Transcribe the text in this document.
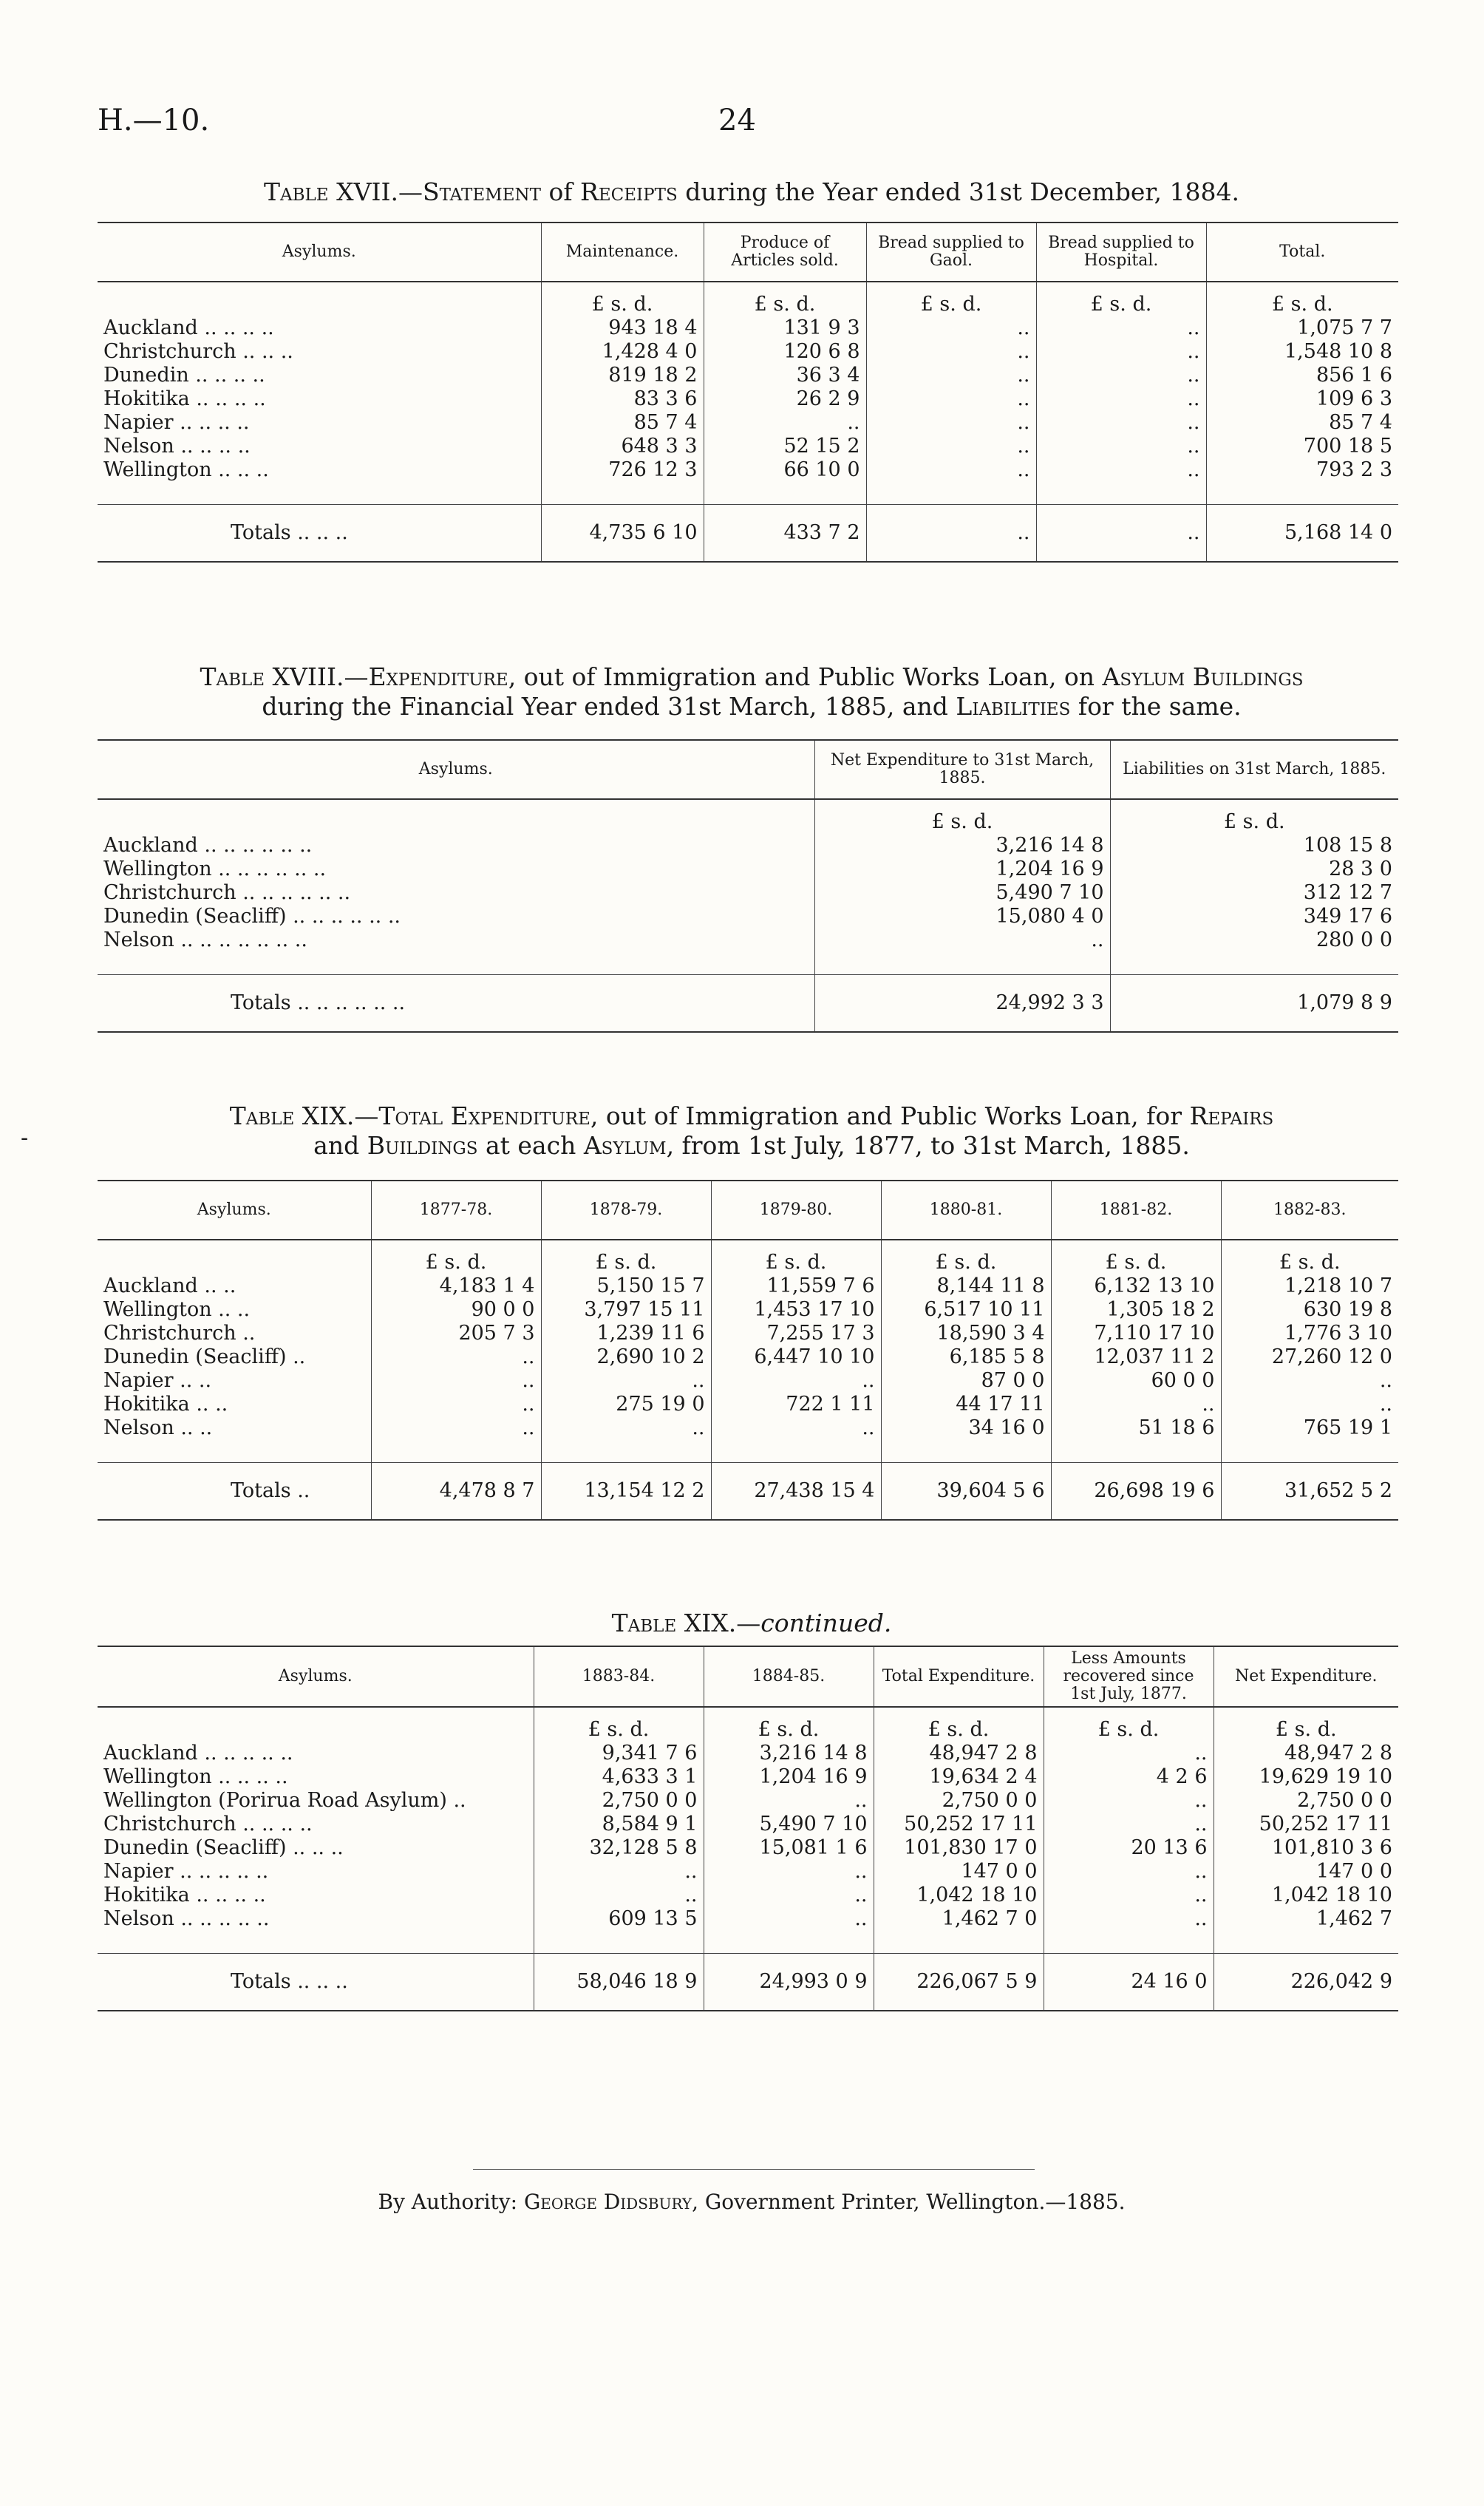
H.—10.	24
Table XVII.—Statement of Receipts during the Year ended 31st December, 1884.
Asylums.	Maintenance.	Produce of Articles sold.	Bread supplied to Gaol.	Bread supplied to Hospital.	Total.
	£ s. d.	£ s. d.	£ s. d.	£ s. d.	£ s. d.
Auckland .. .. .. ..	943 18 4	131 9 3	..	..	1,075 7 7
Christchurch .. .. ..	1,428 4 0	120 6 8	..	..	1,548 10 8
Dunedin .. .. .. ..	819 18 2	36 3 4	..	..	856 1 6
Hokitika .. .. .. ..	83 3 6	26 2 9	..	..	109 6 3
Napier .. .. .. ..	85 7 4	..	..	..	85 7 4
Nelson .. .. .. ..	648 3 3	52 15 2	..	..	700 18 5
Wellington .. .. ..	726 12 3	66 10 0	..	..	793 2 3

Totals .. .. ..	4,735 6 10	433 7 2	..	..	5,168 14 0
Table XVIII.—Expenditure, out of Immigration and Public Works Loan, on Asylum Buildings
during the Financial Year ended 31st March, 1885, and Liabilities for the same.
Asylums.	Net Expenditure to 31st March, 1885.	Liabilities on 31st March, 1885.
	£ s. d.	£ s. d.
Auckland .. .. .. .. .. ..	3,216 14 8	108 15 8
Wellington .. .. .. .. .. ..	1,204 16 9	28 3 0
Christchurch .. .. .. .. .. ..	5,490 7 10	312 12 7
Dunedin (Seacliff) .. .. .. .. .. ..	15,080 4 0	349 17 6
Nelson .. .. .. .. .. .. ..	..	280 0 0

Totals .. .. .. .. .. ..	24,992 3 3	1,079 8 9
-
Table XIX.—Total Expenditure, out of Immigration and Public Works Loan, for Repairs
and Buildings at each Asylum, from 1st July, 1877, to 31st March, 1885.
Asylums.	1877-78.	1878-79.	1879-80.	1880-81.	1881-82.	1882-83.
	£ s. d.	£ s. d.	£ s. d.	£ s. d.	£ s. d.	£ s. d.
Auckland .. ..	4,183 1 4	5,150 15 7	11,559 7 6	8,144 11 8	6,132 13 10	1,218 10 7
Wellington .. ..	90 0 0	3,797 15 11	1,453 17 10	6,517 10 11	1,305 18 2	630 19 8
Christchurch ..	205 7 3	1,239 11 6	7,255 17 3	18,590 3 4	7,110 17 10	1,776 3 10
Dunedin (Seacliff) ..	..	2,690 10 2	6,447 10 10	6,185 5 8	12,037 11 2	27,260 12 0
Napier .. ..	..	..	..	87 0 0	60 0 0	..
Hokitika .. ..	..	275 19 0	722 1 11	44 17 11	..	..
Nelson .. ..	..	..	..	34 16 0	51 18 6	765 19 1

Totals ..	4,478 8 7	13,154 12 2	27,438 15 4	39,604 5 6	26,698 19 6	31,652 5 2
Table XIX.—continued.
Asylums.	1883-84.	1884-85.	Total Expenditure.	Less Amounts recovered since 1st July, 1877.	Net Expenditure.
	£ s. d.	£ s. d.	£ s. d.	£ s. d.	£ s. d.
Auckland .. .. .. .. ..	9,341 7 6	3,216 14 8	48,947 2 8	..	48,947 2 8
Wellington .. .. .. ..	4,633 3 1	1,204 16 9	19,634 2 4	4 2 6	19,629 19 10
Wellington (Porirua Road Asylum) ..	2,750 0 0	..	2,750 0 0	..	2,750 0 0
Christchurch .. .. .. ..	8,584 9 1	5,490 7 10	50,252 17 11	..	50,252 17 11
Dunedin (Seacliff) .. .. ..	32,128 5 8	15,081 1 6	101,830 17 0	20 13 6	101,810 3 6
Napier .. .. .. .. ..	..	..	147 0 0	..	147 0 0
Hokitika .. .. .. ..	..	..	1,042 18 10	..	1,042 18 10
Nelson .. .. .. .. ..	609 13 5	..	1,462 7 0	..	1,462 7

Totals .. .. ..	58,046 18 9	24,993 0 9	226,067 5 9	24 16 0	226,042 9
By Authority: George Didsbury, Government Printer, Wellington.—1885.
